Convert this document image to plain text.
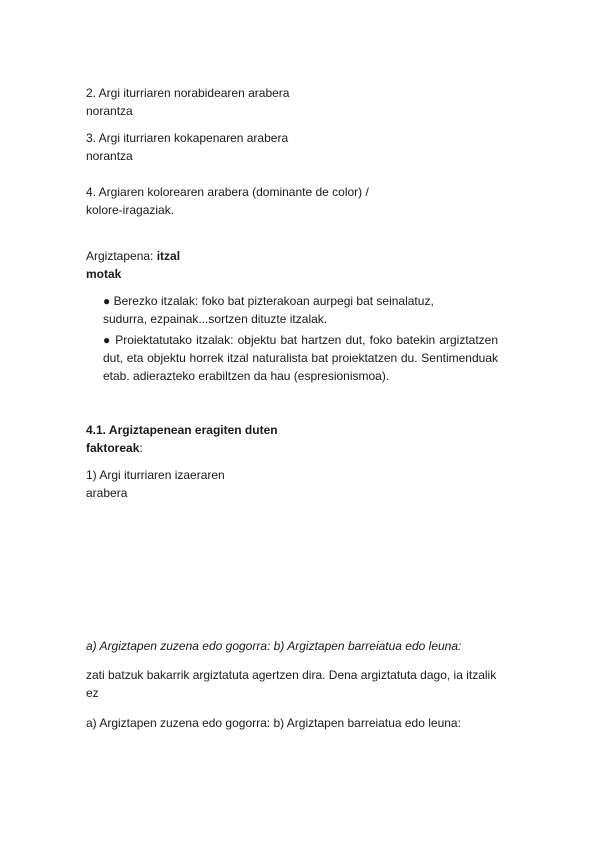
2. Argi iturriaren norabidearen arabera
norantza
3. Argi iturriaren kokapenaren arabera
norantza
4. Argiaren kolorearen arabera (dominante de color) /
kolore-iragaziak.
Argiztapena: itzal
motak
● Berezko itzalak: foko bat pizterakoan aurpegi bat seinalatuz,
sudurra, ezpainak...sortzen dituzte itzalak.
● Proiektatutako itzalak: objektu bat hartzen dut, foko batekin argiztatzen
dut, eta objektu horrek itzal naturalista bat proiektatzen du. Sentimenduak
etab. adierazteko erabiltzen da hau (espresionismoa).
4.1. Argiztapenean eragiten duten
faktoreak:
1) Argi iturriaren izaeraren
arabera
a) Argiztapen zuzena edo gogorra: b) Argiztapen barreiatua edo leuna:
zati batzuk bakarrik argiztatuta agertzen dira. Dena argiztatuta dago, ia itzalik
ez
a) Argiztapen zuzena edo gogorra: b) Argiztapen barreiatua edo leuna:
